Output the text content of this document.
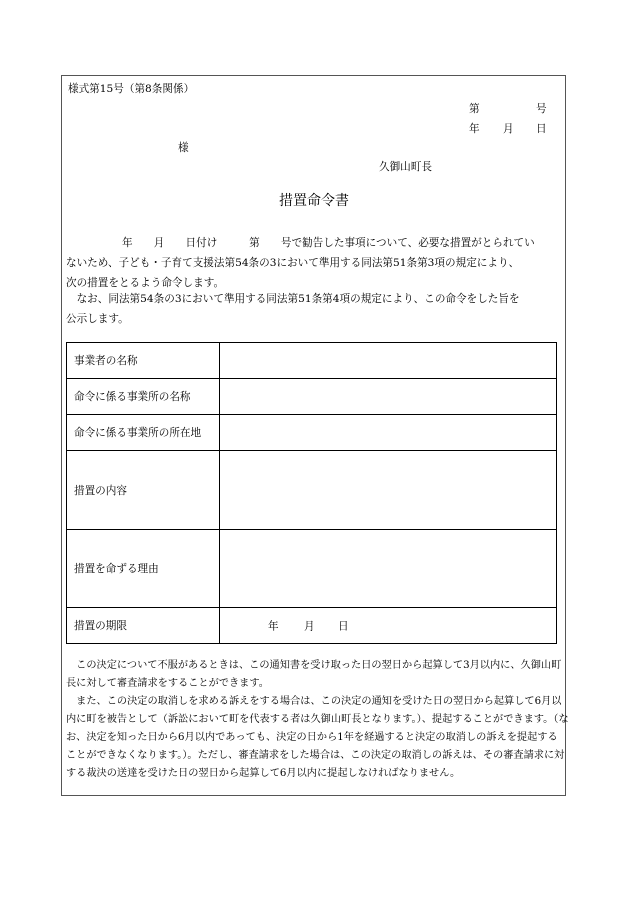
様式第15号（第8条関係）
第	号
年 月 日
様
久御山町長
措置命令書
年　　月　　日付け　　　第　　号で勧告した事項について、必要な措置がとられてい
ないため、子ども・子育て支援法第54条の3において準用する同法第51条第3項の規定により、
次の措置をとるよう命令します。
　なお、同法第54条の3において準用する同法第51条第4項の規定により、この命令をした旨を
公示します。
事業者の名称	
命令に係る事業所の名称	
命令に係る事業所の所在地	
措置の内容	
措置を命ずる理由	
措置の期限	年 月 日
　この決定について不服があるときは、この通知書を受け取った日の翌日から起算して3月以内に、久御山町
長に対して審査請求をすることができます。
　また、この決定の取消しを求める訴えをする場合は、この決定の通知を受けた日の翌日から起算して6月以
内に町を被告として（訴訟において町を代表する者は久御山町長となります。）、提起することができます。（な
お、決定を知った日から6月以内であっても、決定の日から1年を経過すると決定の取消しの訴えを提起する
ことができなくなります。）。ただし、審査請求をした場合は、この決定の取消しの訴えは、その審査請求に対
する裁決の送達を受けた日の翌日から起算して6月以内に提起しなければなりません。
